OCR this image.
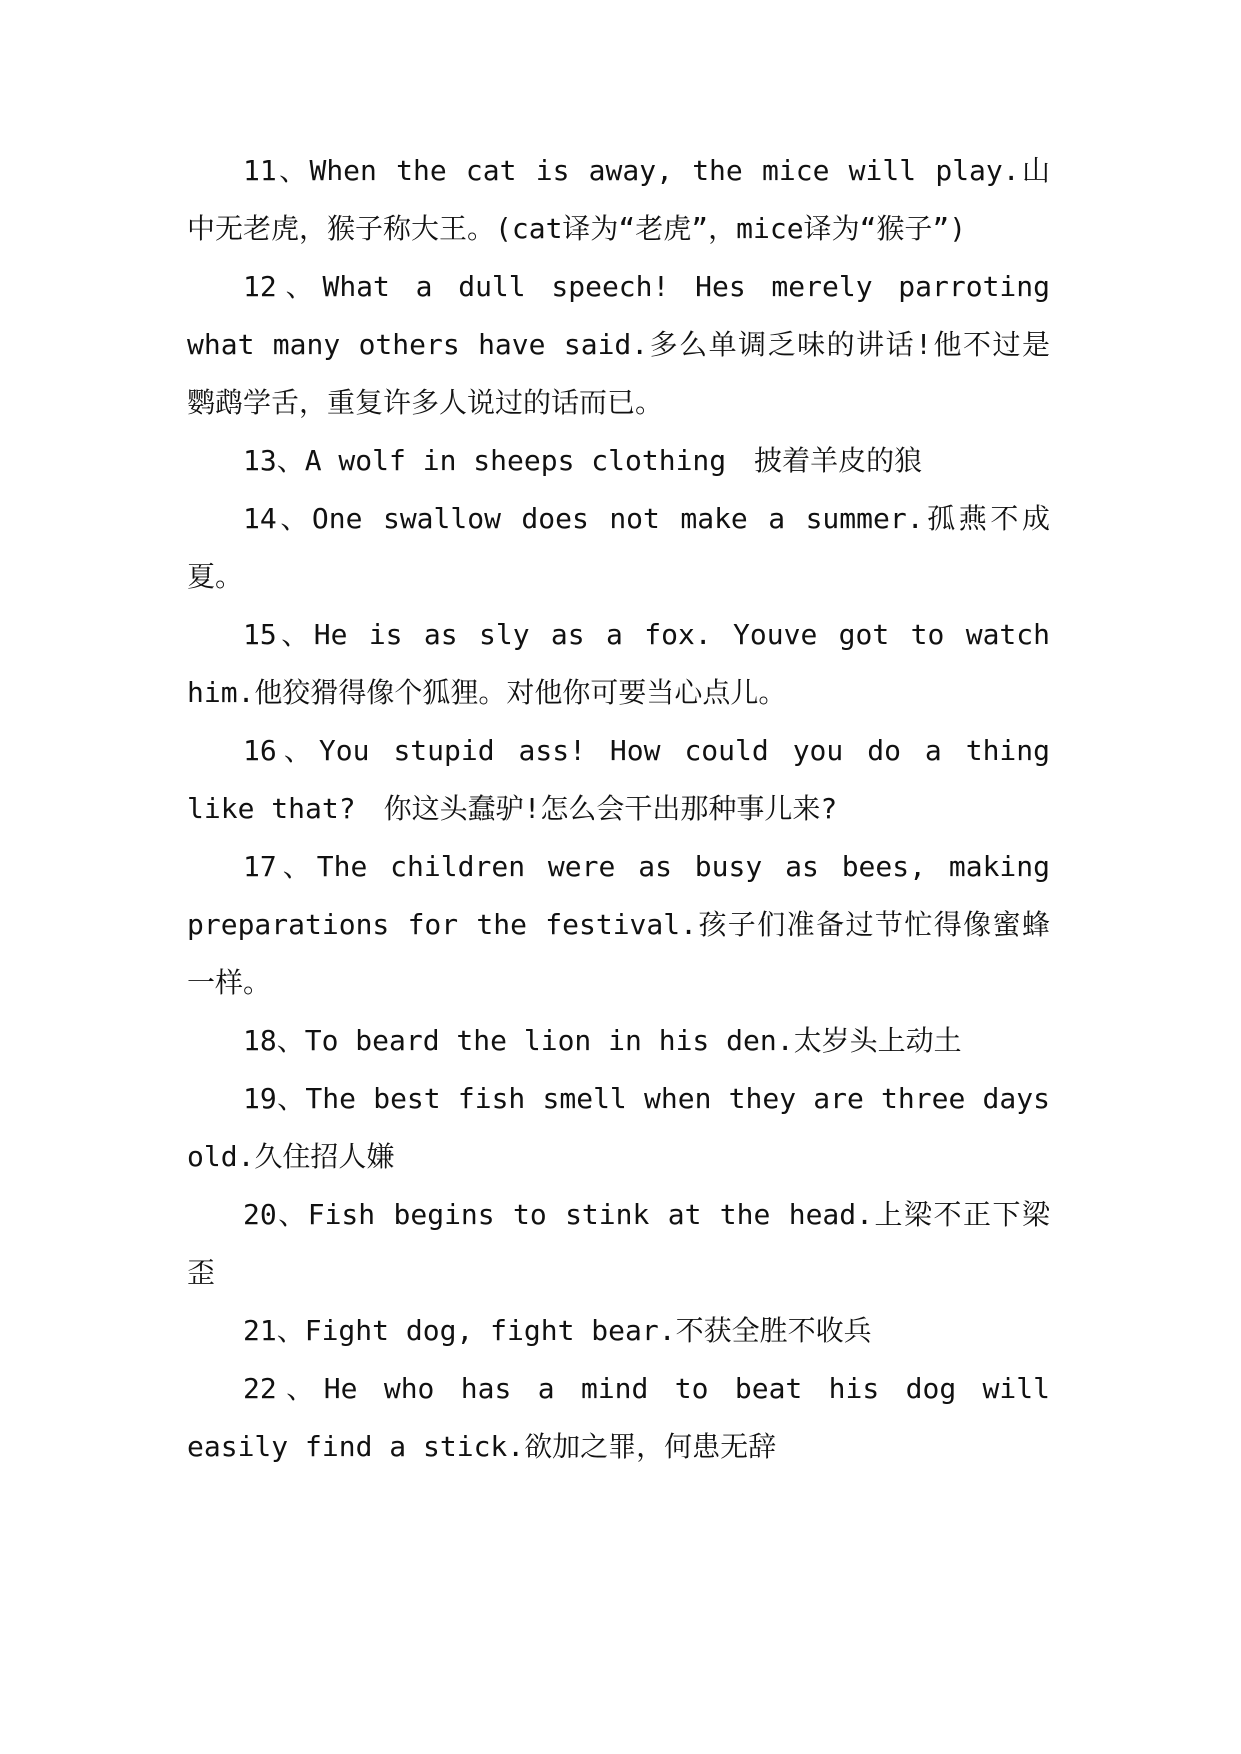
11、When the cat is away, the mice will play.山中无老虎，猴子称大王。(cat译为“老虎”，mice译为“猴子”)

12、What a dull speech! Hes merely parroting what many others have said.多么单调乏味的讲话!他不过是鹦鹉学舌，重复许多人说过的话而已。

13、A wolf in sheeps clothing　披着羊皮的狼

14、One swallow does not make a summer.孤燕不成夏。

15、He is as sly as a fox. Youve got to watch him.他狡猾得像个狐狸。对他你可要当心点儿。

16、You stupid ass! How could you do a thing like that?　你这头蠢驴!怎么会干出那种事儿来?

17、The children were as busy as bees, making preparations for the festival.孩子们准备过节忙得像蜜蜂一样。

18、To beard the lion in his den.太岁头上动土

19、The best fish smell when they are three days old.久住招人嫌

20、Fish begins to stink at the head.上梁不正下梁歪

21、Fight dog, fight bear.不获全胜不收兵

22、He who has a mind to beat his dog will easily find a stick.欲加之罪，何患无辞
